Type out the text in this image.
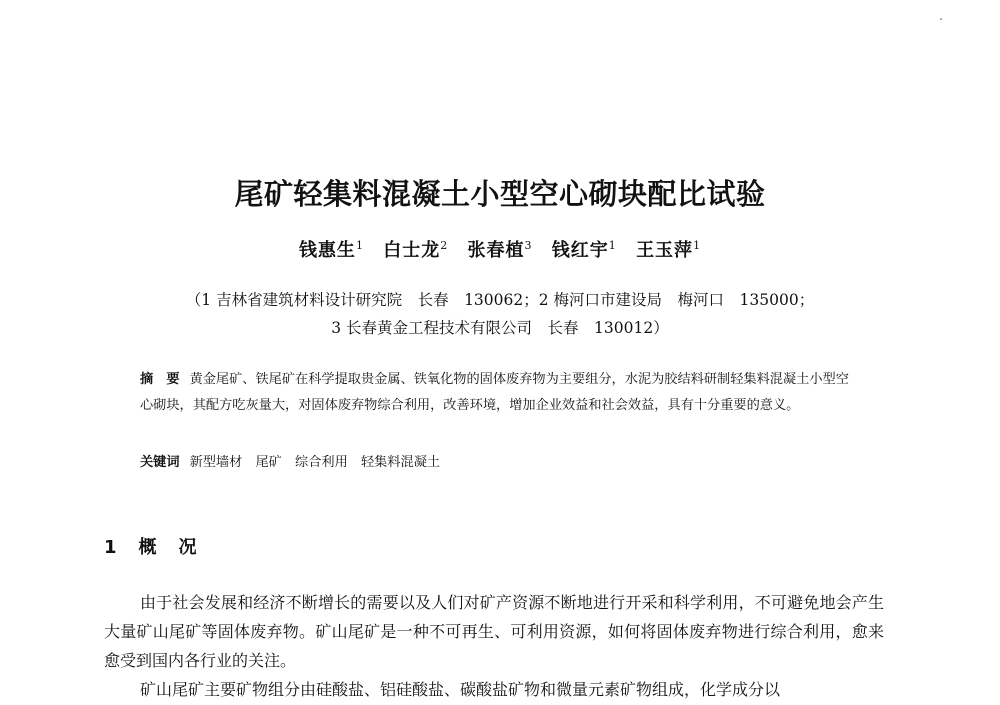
尾矿轻集料混凝土小型空心砌块配比试验
钱惠生$^1$ 白士龙$^2$ 张春植$^3$ 钱红宇$^1$ 王玉萍$^1$
（1 吉林省建筑材料设计研究院　长春　130062；2 梅河口市建设局　梅河口　135000；
3 长春黄金工程技术有限公司　长春　130012）
摘　要 黄金尾矿、铁尾矿在科学提取贵金属、铁氧化物的固体废弃物为主要组分，水泥为胶结料研制轻集料混凝土小型空心砌块，其配方吃灰量大，对固体废弃物综合利用，改善环境，增加企业效益和社会效益，具有十分重要的意义。
关键词 新型墙材　尾矿　综合利用　轻集料混凝土
1　概　况
由于社会发展和经济不断增长的需要以及人们对矿产资源不断地进行开采和科学利用，不可避免地会产生大量矿山尾矿等固体废弃物。矿山尾矿是一种不可再生、可利用资源，如何将固体废弃物进行综合利用，愈来愈受到国内各行业的关注。
矿山尾矿主要矿物组分由硅酸盐、铝硅酸盐、碳酸盐矿物和微量元素矿物组成，化学成分以
